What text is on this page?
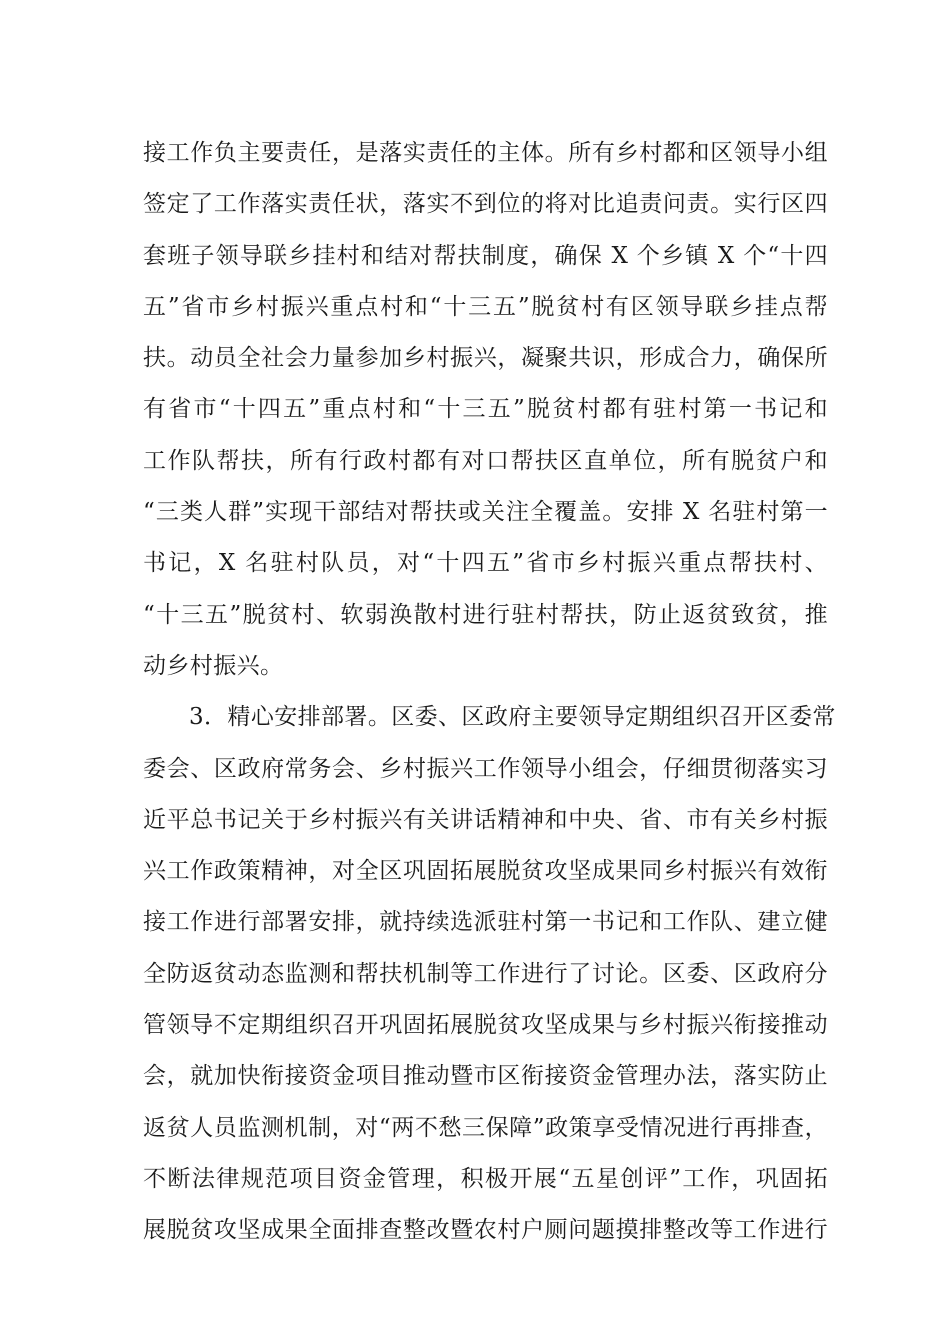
接工作负主要责任，是落实责任的主体。所有乡村都和区领导小组
签定了工作落实责任状，落实不到位的将对比追责问责。实行区四
套班子领导联乡挂村和结对帮扶制度，确保 X 个乡镇 X 个“十四
五”省市乡村振兴重点村和“十三五”脱贫村有区领导联乡挂点帮
扶。动员全社会力量参加乡村振兴，凝聚共识，形成合力，确保所
有省市“十四五”重点村和“十三五”脱贫村都有驻村第一书记和
工作队帮扶，所有行政村都有对口帮扶区直单位，所有脱贫户和
“三类人群”实现干部结对帮扶或关注全覆盖。安排 X 名驻村第一
书记，X 名驻村队员，对“十四五”省市乡村振兴重点帮扶村、
“十三五”脱贫村、软弱涣散村进行驻村帮扶，防止返贫致贫，推
动乡村振兴。
3．精心安排部署。区委、区政府主要领导定期组织召开区委常
委会、区政府常务会、乡村振兴工作领导小组会，仔细贯彻落实习
近平总书记关于乡村振兴有关讲话精神和中央、省、市有关乡村振
兴工作政策精神，对全区巩固拓展脱贫攻坚成果同乡村振兴有效衔
接工作进行部署安排，就持续选派驻村第一书记和工作队、建立健
全防返贫动态监测和帮扶机制等工作进行了讨论。区委、区政府分
管领导不定期组织召开巩固拓展脱贫攻坚成果与乡村振兴衔接推动
会，就加快衔接资金项目推动暨市区衔接资金管理办法，落实防止
返贫人员监测机制，对“两不愁三保障”政策享受情况进行再排查，
不断法律规范项目资金管理，积极开展“五星创评”工作，巩固拓
展脱贫攻坚成果全面排查整改暨农村户厕问题摸排整改等工作进行
